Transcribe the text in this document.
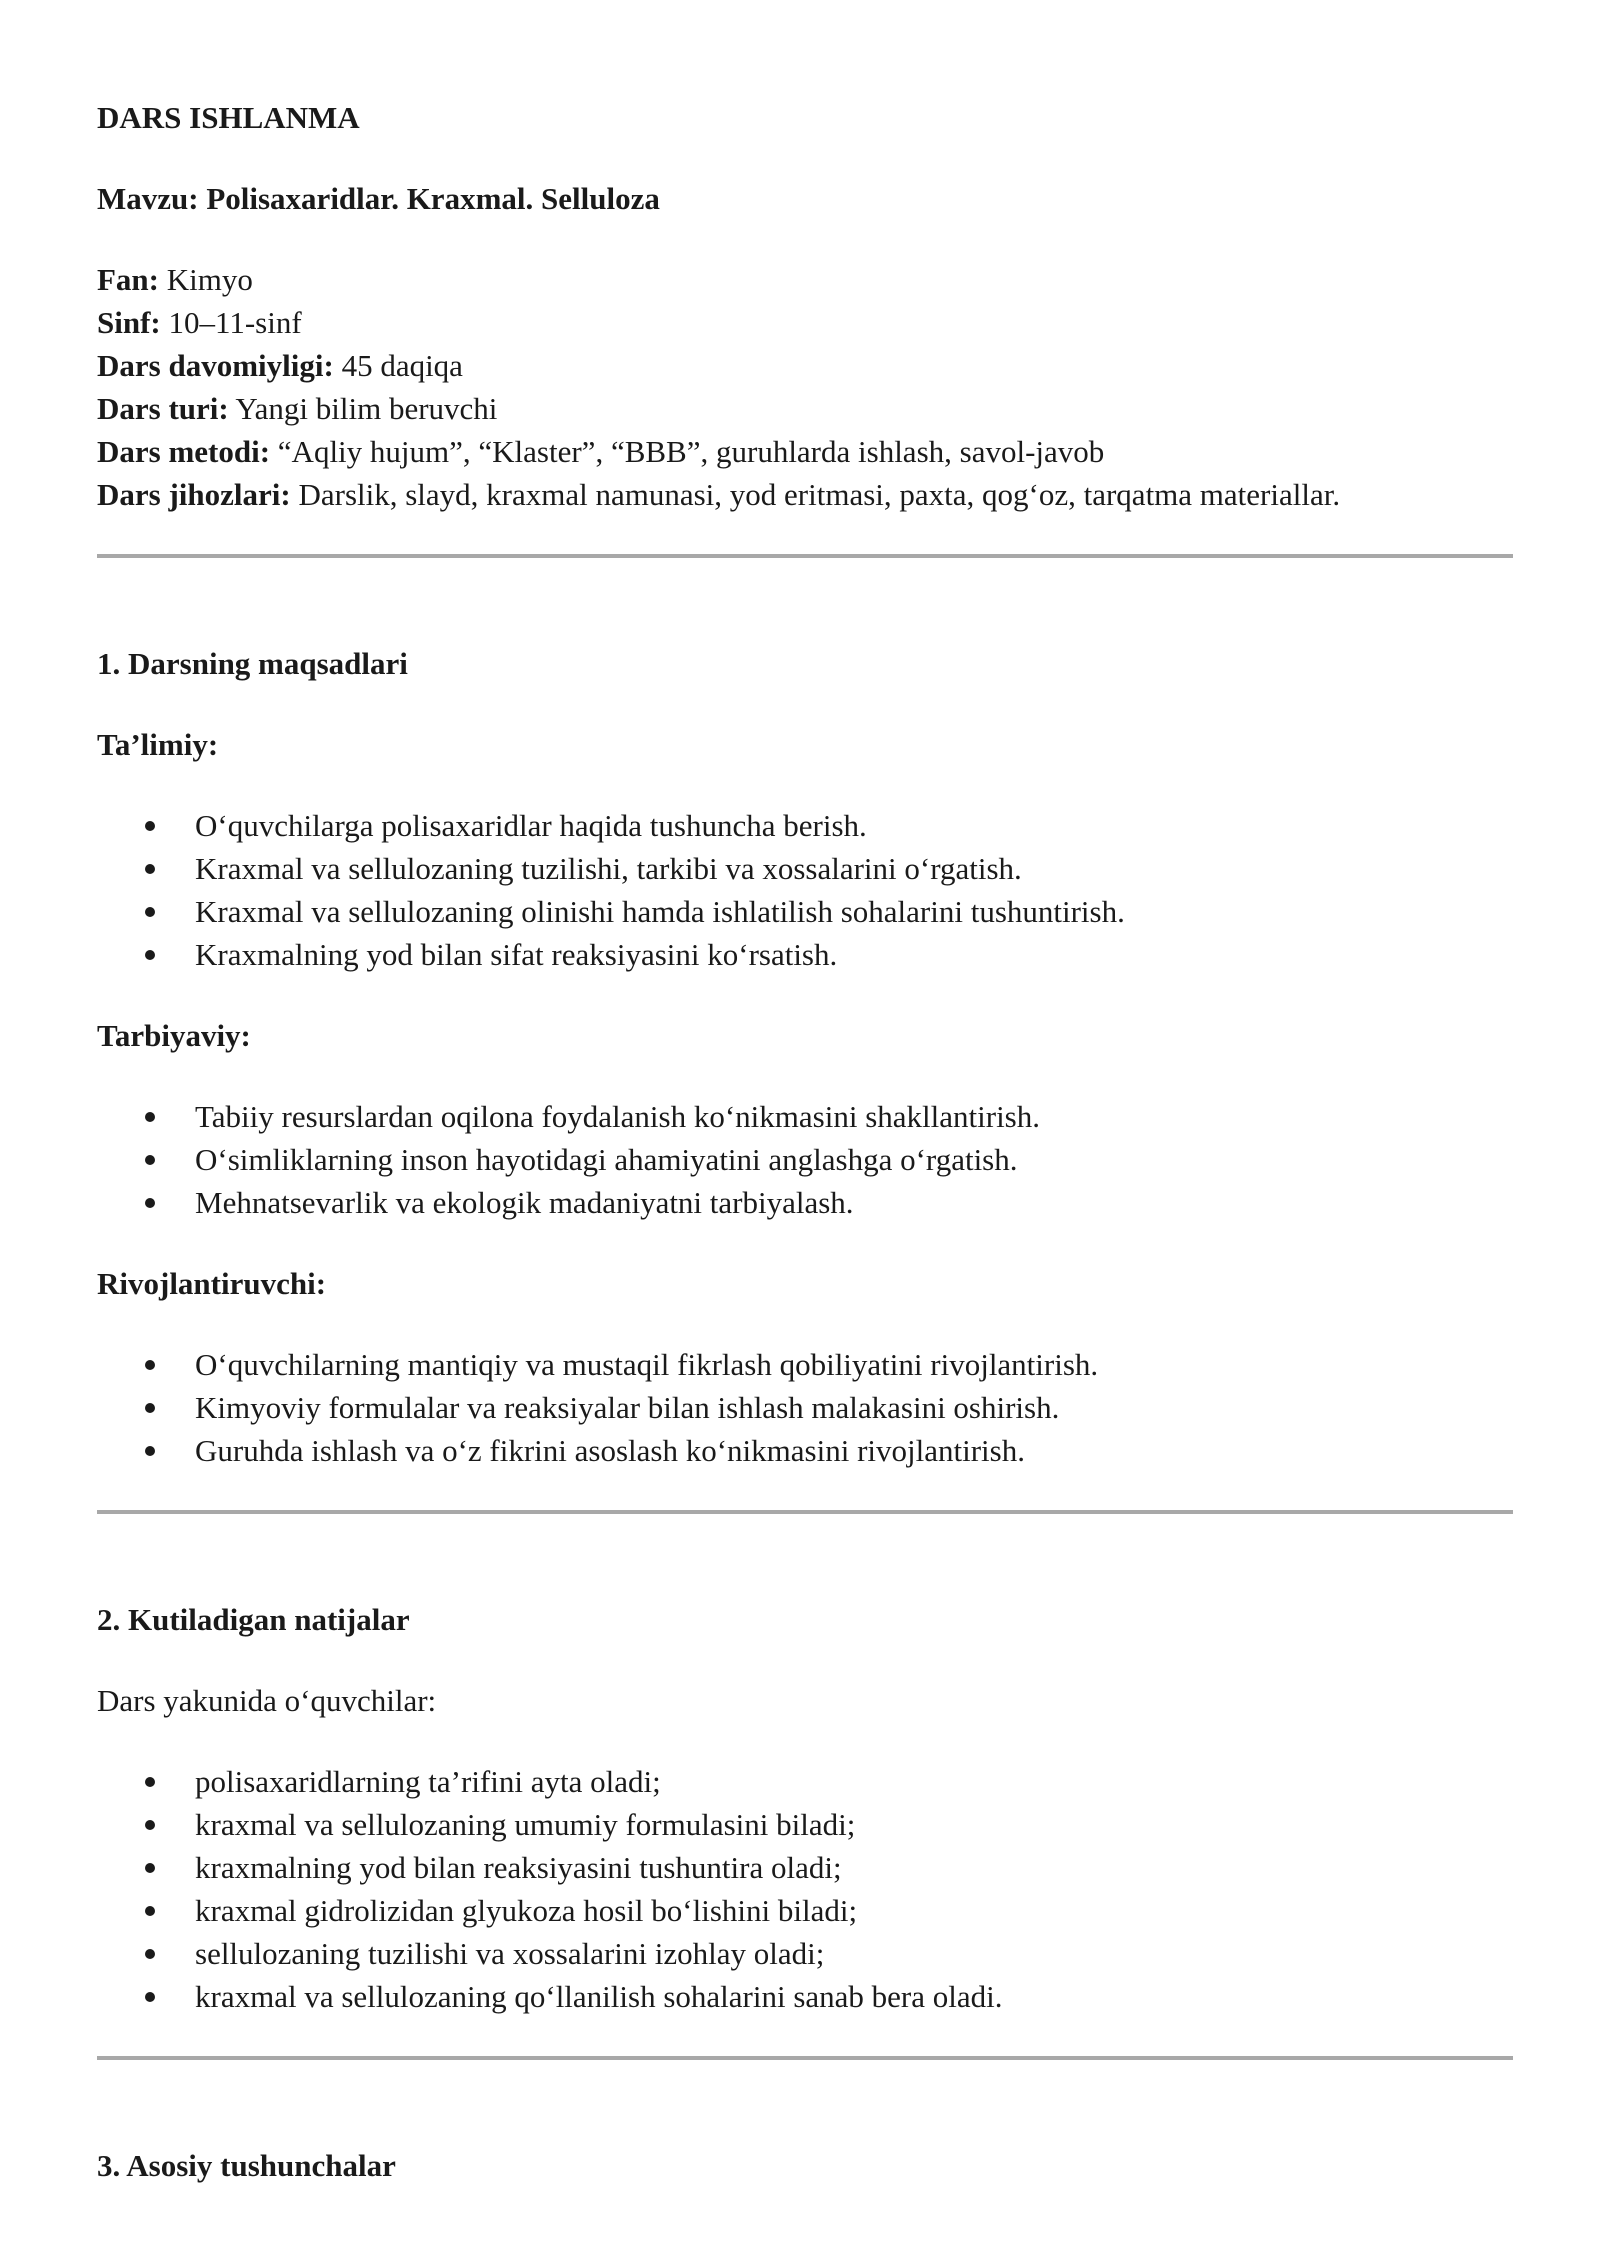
DARS ISHLANMA

Mavzu: Polisaxaridlar. Kraxmal. Selluloza

Fan: Kimyo

Sinf: 10–11-sinf

Dars davomiyligi: 45 daqiqa

Dars turi: Yangi bilim beruvchi

Dars metodi: “Aqliy hujum”, “Klaster”, “BBB”, guruhlarda ishlash, savol-javob

Dars jihozlari: Darslik, slayd, kraxmal namunasi, yod eritmasi, paxta, qog‘oz, tarqatma materiallar.

1. Darsning maqsadlari

Ta’limiy:

O‘quvchilarga polisaxaridlar haqida tushuncha berish.
Kraxmal va sellulozaning tuzilishi, tarkibi va xossalarini o‘rgatish.
Kraxmal va sellulozaning olinishi hamda ishlatilish sohalarini tushuntirish.
Kraxmalning yod bilan sifat reaksiyasini ko‘rsatish.

Tarbiyaviy:

Tabiiy resurslardan oqilona foydalanish ko‘nikmasini shakllantirish.
O‘simliklarning inson hayotidagi ahamiyatini anglashga o‘rgatish.
Mehnatsevarlik va ekologik madaniyatni tarbiyalash.

Rivojlantiruvchi:

O‘quvchilarning mantiqiy va mustaqil fikrlash qobiliyatini rivojlantirish.
Kimyoviy formulalar va reaksiyalar bilan ishlash malakasini oshirish.
Guruhda ishlash va o‘z fikrini asoslash ko‘nikmasini rivojlantirish.

2. Kutiladigan natijalar

Dars yakunida o‘quvchilar:

polisaxaridlarning ta’rifini ayta oladi;
kraxmal va sellulozaning umumiy formulasini biladi;
kraxmalning yod bilan reaksiyasini tushuntira oladi;
kraxmal gidrolizidan glyukoza hosil bo‘lishini biladi;
sellulozaning tuzilishi va xossalarini izohlay oladi;
kraxmal va sellulozaning qo‘llanilish sohalarini sanab bera oladi.

3. Asosiy tushunchalar
